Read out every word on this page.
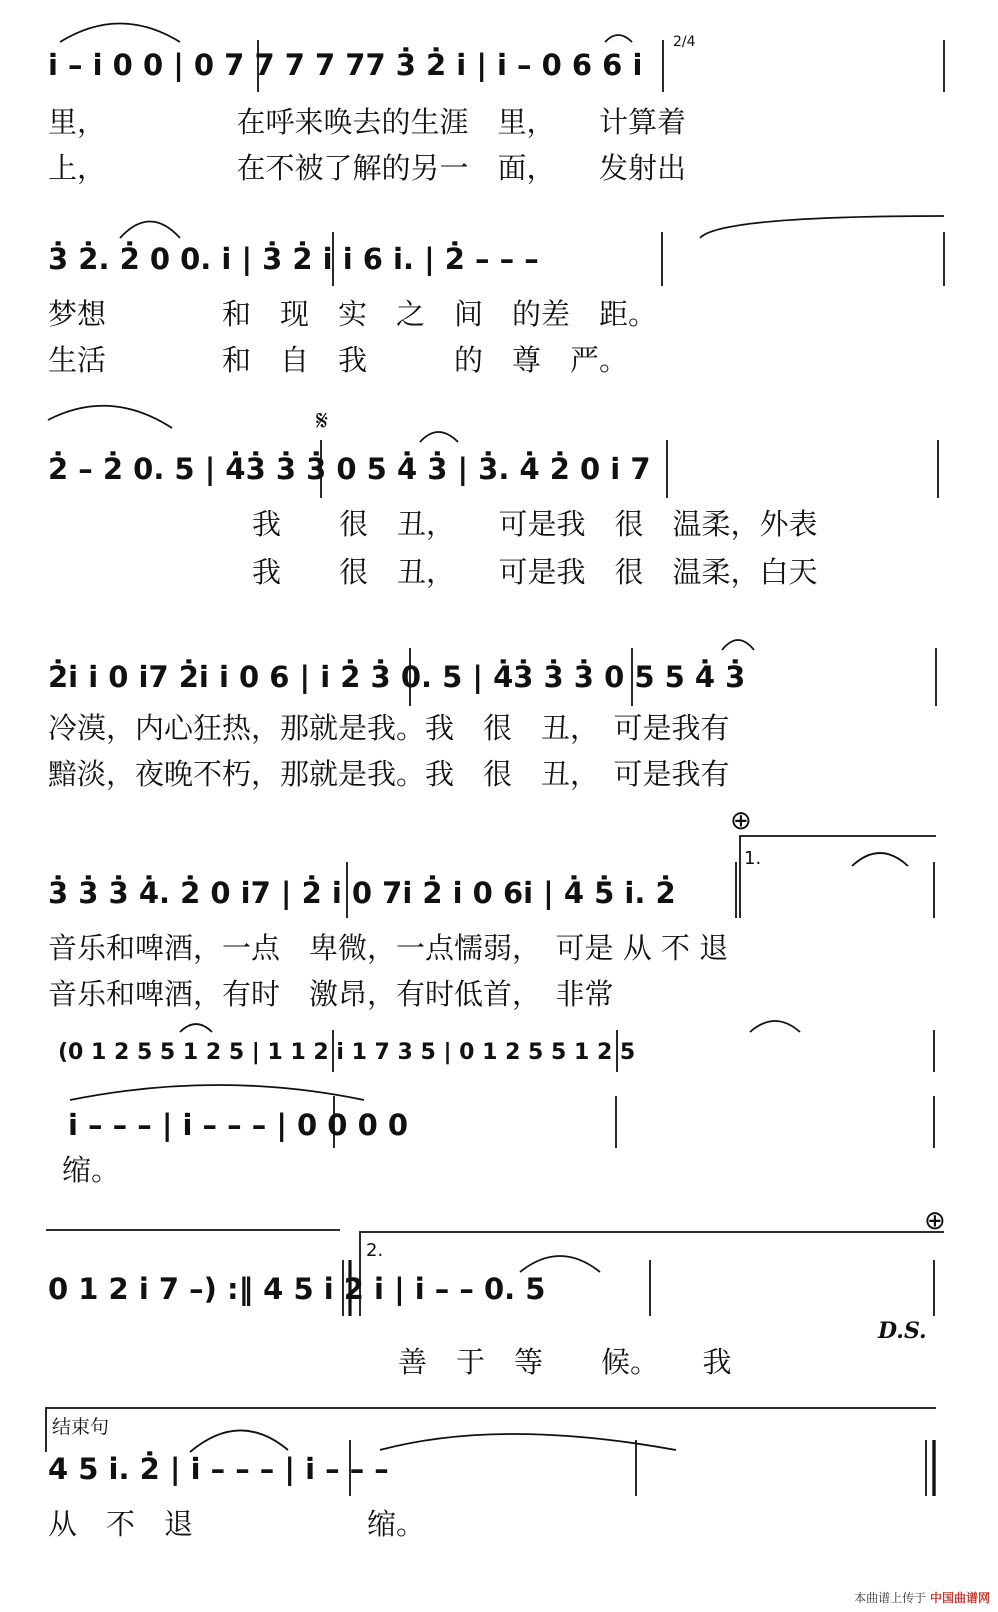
i̇ – i̇ 0 0 | 0 7 7 7 7 77 3̇ 2̇ i̇ | i̇ – 0 6 6 i̇
里，　　　　　在呼来唤去的生涯　里，　　计算着
上，　　　　　在不被了解的另一　面，　　发射出
3̇ 2̇. 2̇ 0 0. i̇ | 3̇ 2̇ i̇ i̇ 6 i̇. | 2̇ – – –
梦想　　　　和　现　实　之　间　的差　距。
生活　　　　和　自　我　　　的　尊　严。
2̇ – 2̇ 0. 5 | 4̇3̇ 3̇ 3̇ 0 5 4̇ 3̇ | 3̇. 4̇ 2̇ 0 i̇ 7
我　　很　丑，　　可是我　很　温柔，外表
我　　很　丑，　　可是我　很　温柔，白天
2̇i̇ i̇ 0 i̇7 2̇i̇ i̇ 0 6 | i̇ 2̇ 3̇ 0. 5 | 4̇3̇ 3̇ 3̇ 0 5 5 4̇ 3̇
冷漠，内心狂热，那就是我。我　很　丑，　可是我有
黯淡，夜晚不朽，那就是我。我　很　丑，　可是我有
3̇ 3̇ 3̇ 4̇. 2̇ 0 i̇7 | 2̇ i̇ 0 7i̇ 2̇ i̇ 0 6i̇ | 4̇ 5̇ i̇. 2̇
音乐和啤酒，一点　卑微，一点懦弱，　可是 从 不 退
音乐和啤酒，有时　激昂，有时低首，　非常
(0 1 2 5 5 1 2 5 | 1 1 2 i 1 7 3 5 | 0 1 2 5 5 1 2 5
i̇ – – – | i̇ – – – | 0 0 0 0
缩。
0 1 2 i 7 –) :‖ 4 5 i 2 i | i – – 0. 5
善　于　等　　候。　　我
4 5 i. 2̇ | i̇ – – – | i̇ – – –
从　不　退　　　　　　缩。
𝄋
⊕
⊕
D.S.
1.
2.
结束句
2/4
本曲谱上传于 中国曲谱网
